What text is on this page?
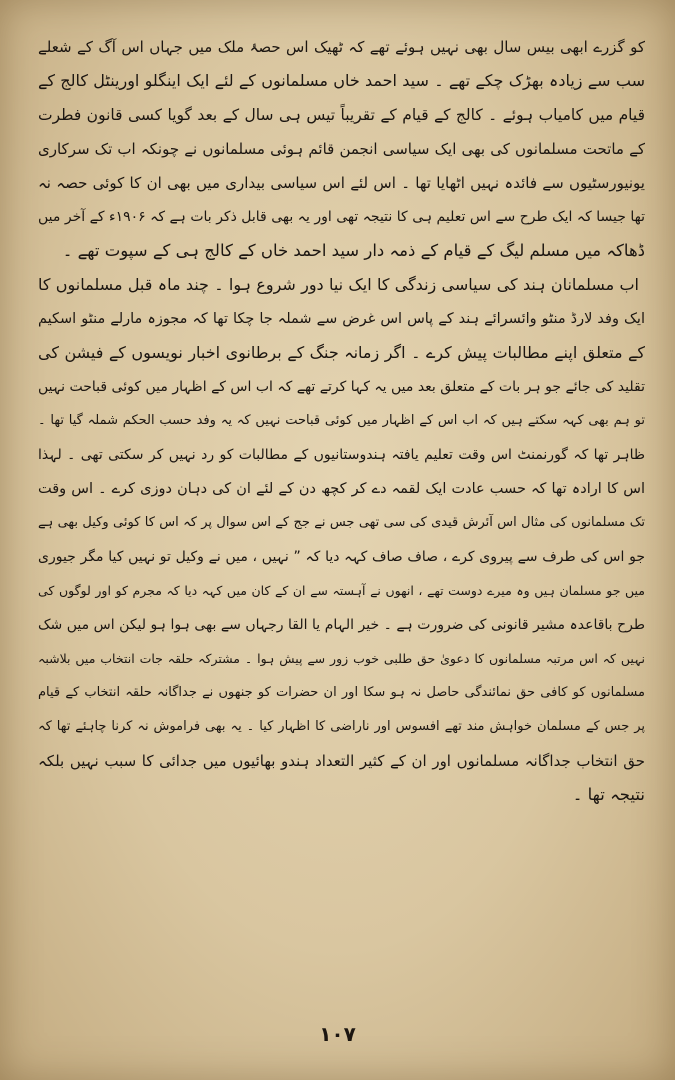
کو گزرے ابھی بیس سال بھی نہیں ہوئے تھے کہ ٹھیک اس حصۂ ملک میں جہاں اس آگ کے شعلے
سب سے زیادہ بھڑک چکے تھے ۔ سید احمد خاں مسلمانوں کے لئے ایک اینگلو اورینٹل کالج کے
قیام میں کامیاب ہوئے ۔ کالج کے قیام کے تقریباً تیس ہی سال کے بعد گویا کسی قانون فطرت
کے ماتحت مسلمانوں کی بھی ایک سیاسی انجمن قائم ہوئی مسلمانوں نے چونکہ اب تک سرکاری
یونیورسٹیوں سے فائدہ نہیں اٹھایا تھا ۔ اس لئے اس سیاسی بیداری میں بھی ان کا کوئی حصہ نہ
تھا جیسا کہ ایک طرح سے اس تعلیم ہی کا نتیجہ تھی اور یہ بھی قابل ذکر بات ہے کہ ۱۹۰۶ء کے آخر میں
ڈھاکہ میں مسلم لیگ کے قیام کے ذمہ دار سید احمد خاں کے کالج ہی کے سپوت تھے ۔
اب مسلمانان ہند کی سیاسی زندگی کا ایک نیا دور شروع ہوا ۔ چند ماہ قبل مسلمانوں کا
ایک وفد لارڈ منٹو وائسرائے ہند کے پاس اس غرض سے شملہ جا چکا تھا کہ مجوزہ مارلے منٹو اسکیم
کے متعلق اپنے مطالبات پیش کرے ۔ اگر زمانہ جنگ کے برطانوی اخبار نویسوں کے فیشن کی
تقلید کی جائے جو ہر بات کے متعلق بعد میں یہ کہا کرتے تھے کہ اب اس کے اظہار میں کوئی قباحت نہیں
تو ہم بھی کہہ سکتے ہیں کہ اب اس کے اظہار میں کوئی قباحت نہیں کہ یہ وفد حسب الحکم شملہ گیا تھا ۔
ظاہر تھا کہ گورنمنٹ اس وقت تعلیم یافتہ ہندوستانیوں کے مطالبات کو رد نہیں کر سکتی تھی ۔ لہذا
اس کا ارادہ تھا کہ حسب عادت ایک لقمہ دے کر کچھ دن کے لئے ان کی دہان دوزی کرے ۔ اس وقت
تک مسلمانوں کی مثال اس آئرش قیدی کی سی تھی جس نے جج کے اس سوال پر کہ اس کا کوئی وکیل بھی ہے
جو اس کی طرف سے پیروی کرے ، صاف صاف کہہ دیا کہ ” نہیں ، میں نے وکیل تو نہیں کیا مگر جیوری
میں جو مسلمان ہیں وہ میرے دوست تھے ، انھوں نے آہستہ سے ان کے کان میں کہہ دیا کہ مجرم کو اور لوگوں کی
طرح باقاعدہ مشیر قانونی کی ضرورت ہے ۔ خیر الہام یا القا رجہاں سے بھی ہوا ہو لیکن اس میں شک
نہیں کہ اس مرتبہ مسلمانوں کا دعویٰ حق طلبی خوب زور سے پیش ہوا ۔ مشترکہ حلقہ جات انتخاب میں بلاشبہ
مسلمانوں کو کافی حق نمائندگی حاصل نہ ہو سکا اور ان حضرات کو جنھوں نے جداگانہ حلقہ انتخاب کے قیام
پر جس کے مسلمان خواہش مند تھے افسوس اور ناراضی کا اظہار کیا ۔ یہ بھی فراموش نہ کرنا چاہئے تھا کہ
حق انتخاب جداگانہ مسلمانوں اور ان کے کثیر التعداد ہندو بھائیوں میں جدائی کا سبب نہیں بلکہ
نتیجہ تھا ۔
۱۰۷
